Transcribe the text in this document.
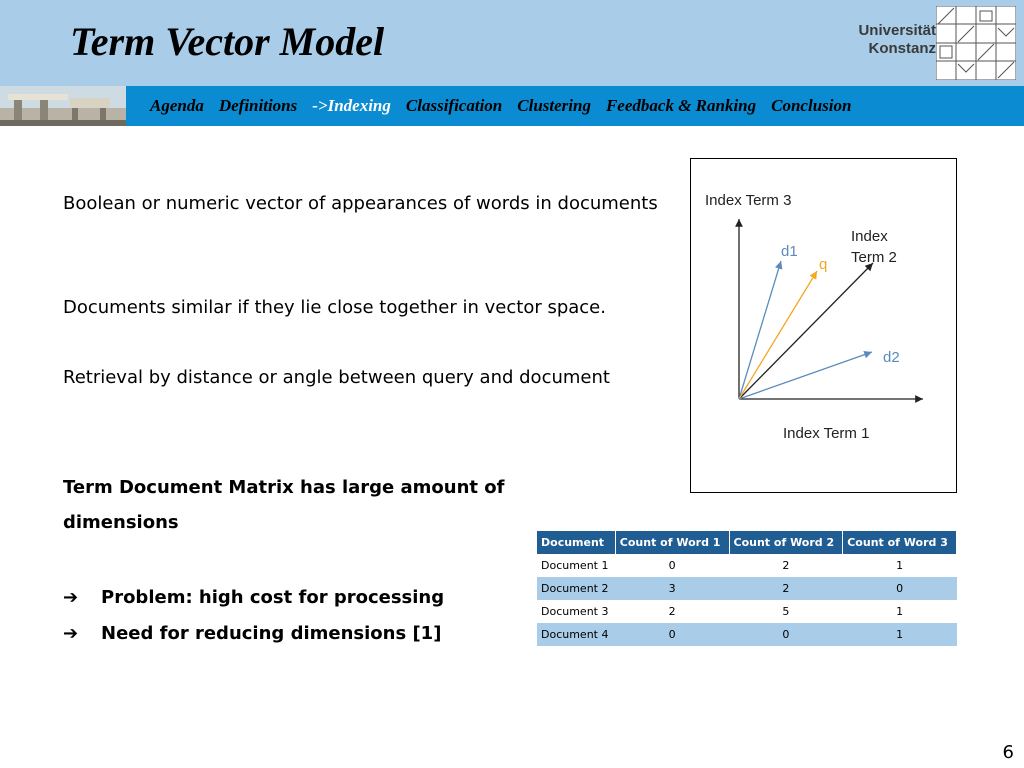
Term Vector Model	Universität
Konstanz
Agenda Definitions ->Indexing Classification Clustering Feedback & Ranking Conclusion
Boolean or numeric vector of appearances of words in documents
Documents similar if they lie close together in vector space.
Retrieval by distance or angle between query and document
Term Document Matrix has large amount of dimensions
➔ Problem: high cost for processing
➔ Need for reducing dimensions [1]
Index Term 3
Index
Term 2
Index Term 1
d1
q
d2
Document	Count of Word 1	Count of Word 2	Count of Word 3
Document 1	0	2	1
Document 2	3	2	0
Document 3	2	5	1
Document 4	0	0	1
6
